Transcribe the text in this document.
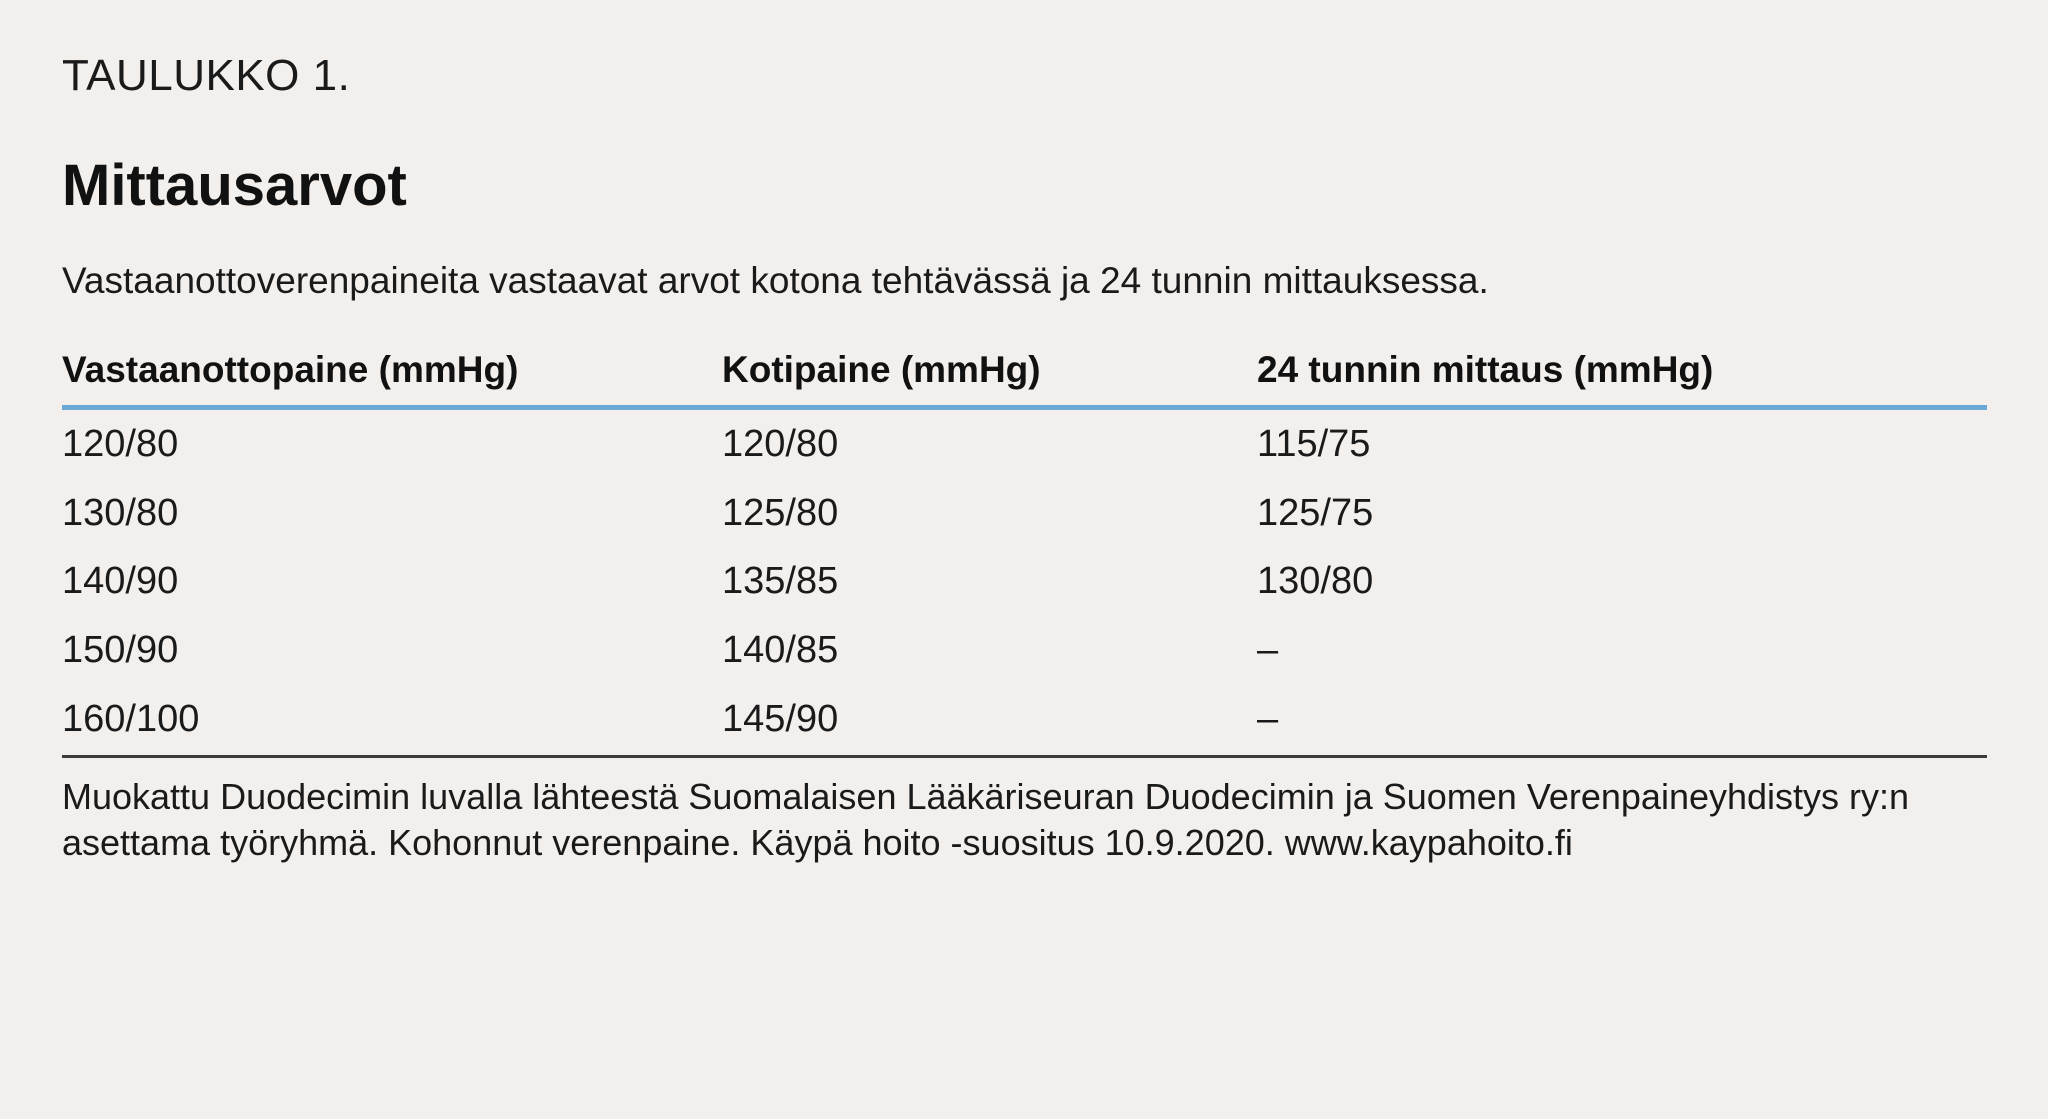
TAULUKKO 1.
Mittausarvot

Vastaanottoverenpaineita vastaavat arvot kotona tehtävässä ja 24 tunnin mittauksessa.

Vastaanottopaine (mmHg)	Kotipaine (mmHg)	24 tunnin mittaus (mmHg)
120/80	120/80	115/75
130/80	125/80	125/75
140/90	135/85	130/80
150/90	140/85	–
160/100	145/90	–

Muokattu Duodecimin luvalla lähteestä Suomalaisen Lääkäriseuran Duodecimin ja Suomen Verenpaineyhdistys ry:n asettama työryhmä. Kohonnut verenpaine. Käypä hoito -suositus 10.9.2020. www.kaypahoito.fi
